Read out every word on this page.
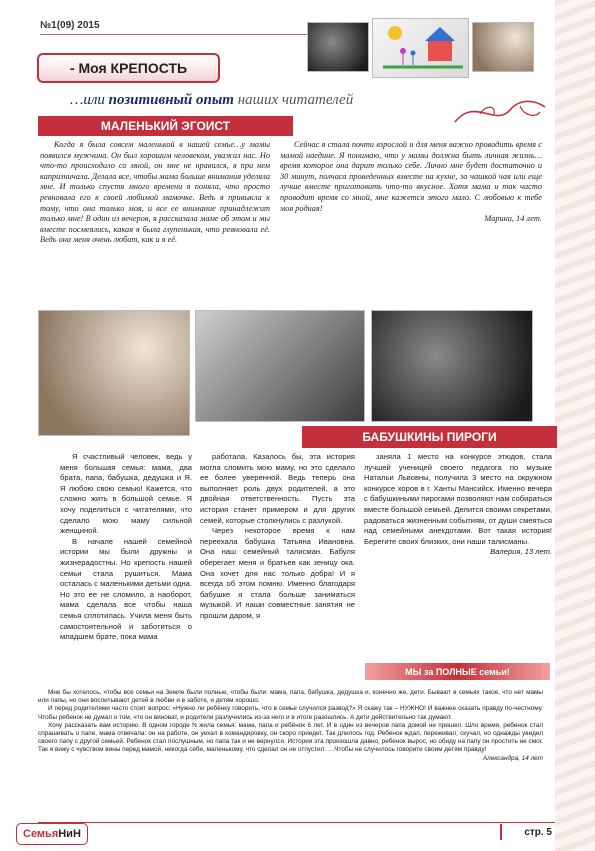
№1(09) 2015
- Моя КРЕПОСТЬ
…или позитивный опыт наших читателей
МАЛЕНЬКИЙ ЭГОИСТ

Когда я была совсем маленькой в нашей семье…у мамы появился мужчина. Он был хорошим человеком, уважал нас. Но что-то происходило со мной, он мне не нравился, я при нем капризничала. Делала все, чтобы мама больше внимания уделяла мне. И только спустя много времени я поняла, что просто ревновала его к своей любимой мамочке. Ведь я привыкла к тому, что она только моя, и все ее внимание принадлежит только мне! В один из вечеров, я рассказала маме об этом и мы вместе посмеялись, какая я была глупенькая, что ревновала её. Ведь она меня очень любит, как и я её.

Сейчас я стала почти взрослой и для меня важно проводить время с мамой наедине. Я понимаю, что у мамы должна быть личная жизнь…время которое она дарит только себе. Лично мне будет достаточно и 30 минут, полчаса проведенных вместе на кухне, за чашкой чая или еще лучше вместе приготовить что-то вкусное. Хотя мама и так часто проводит время со мной, мне кажется этого мало. С любовью к тебе моя родная!

Марина, 14 лет.
БАБУШКИНЫ ПИРОГИ

Я счастливый человек, ведь у меня большая семья: мама, два брата, папа, бабушка, дедушка и Я. Я любою свою семью! Кажется, что сложно жить в большой семье. Я хочу поделиться с читателями, что сделало мою маму сильной женщиной.

В начале нашей семейной истории мы были дружны и жизнерадостны. Но крепость нашей семьи стала рушиться. Мама осталась с маленькими детьми одна. Но это ее не сломило, а наоборот, мама сделала все чтобы наша семья сплотилась. Учила меня быть самостоятельной и заботиться о младшем брате, пока мама

работала. Казалось бы, эта история могла сломить мою маму, но это сделало ее более уверенной. Ведь теперь она выполняет роль двух родителей, а это двойная ответственность. Пусть эта история станет примером и для других семей, которые столкнулись с разлукой.

Через некоторое время к нам переехала бабушка Татьяна Ивановна. Она наш семейный талисман. Бабуля оберегает меня и братьев как зеницу ока. Она хочет для нас только добра! И я всегда об этом помню. Именно благодаря бабушке я стала больше заниматься музыкой. И наши совместные занятия не прошли даром, я

заняла 1 место на конкурсе этюдов, стала лучшей ученицей своего педагога по музыке Натальи Львовны, получила 3 место на окружном конкурсе хоров в г. Ханты Мансийск. Именно вечера с бабушкиными пирогами позволяют нам собираться вместе большой семьей. Делится своими секретами, радоваться жизненным событиям, от души смеяться над семейными анекдотами. Вот такая история! Берегите своих близких, они наши талисманы.

Валерия, 13 лет.
МЫ за ПОЛНЫЕ семьи!

Мне бы хотелось, чтобы все семьи на Земле были полные, чтобы были: мама, папа, бабушка, дедушка и, конечно же, дети. Бывают в семьях такое, что нет мамы или папы, но они воспитывают детей в любви и в заботе, и детям хорошо.

И перед родителями часто стоит вопрос: «Нужно ли ребёнку говорить, что в семье случился развод?» Я скажу так – НУЖНО! И важнее сказать правду по-честному. Чтобы ребенок не думал о том, что он виноват, и родители разлучились из-за него и в итоге разошлись. А дети действительно так думают.

Хочу рассказать вам историю. В одном городе N жила семья: мама, папа и ребёнок 6 лет. И в один из вечеров папа домой не пришел. Шло время, ребенок стал спрашивать о папе, мама отвечала: он на работе, он уехал в командировку, он скоро приедет. Так длилось год. Ребенок ждал, переживал, скучал, но однажды увидел своего папу с другой семьей. Ребенок стал послушным, но папа так и не вернулся. История эта произошла давно, ребенок вырос, но обиду на папу он простить не смог. Так я вижу с чувством вины перед мамой, никогда себе, маленькому, что сделал он не отпустил. …Чтобы не случилось говорите своим детям правду!

Александра, 14 лет
Семья НиН	стр. 5
